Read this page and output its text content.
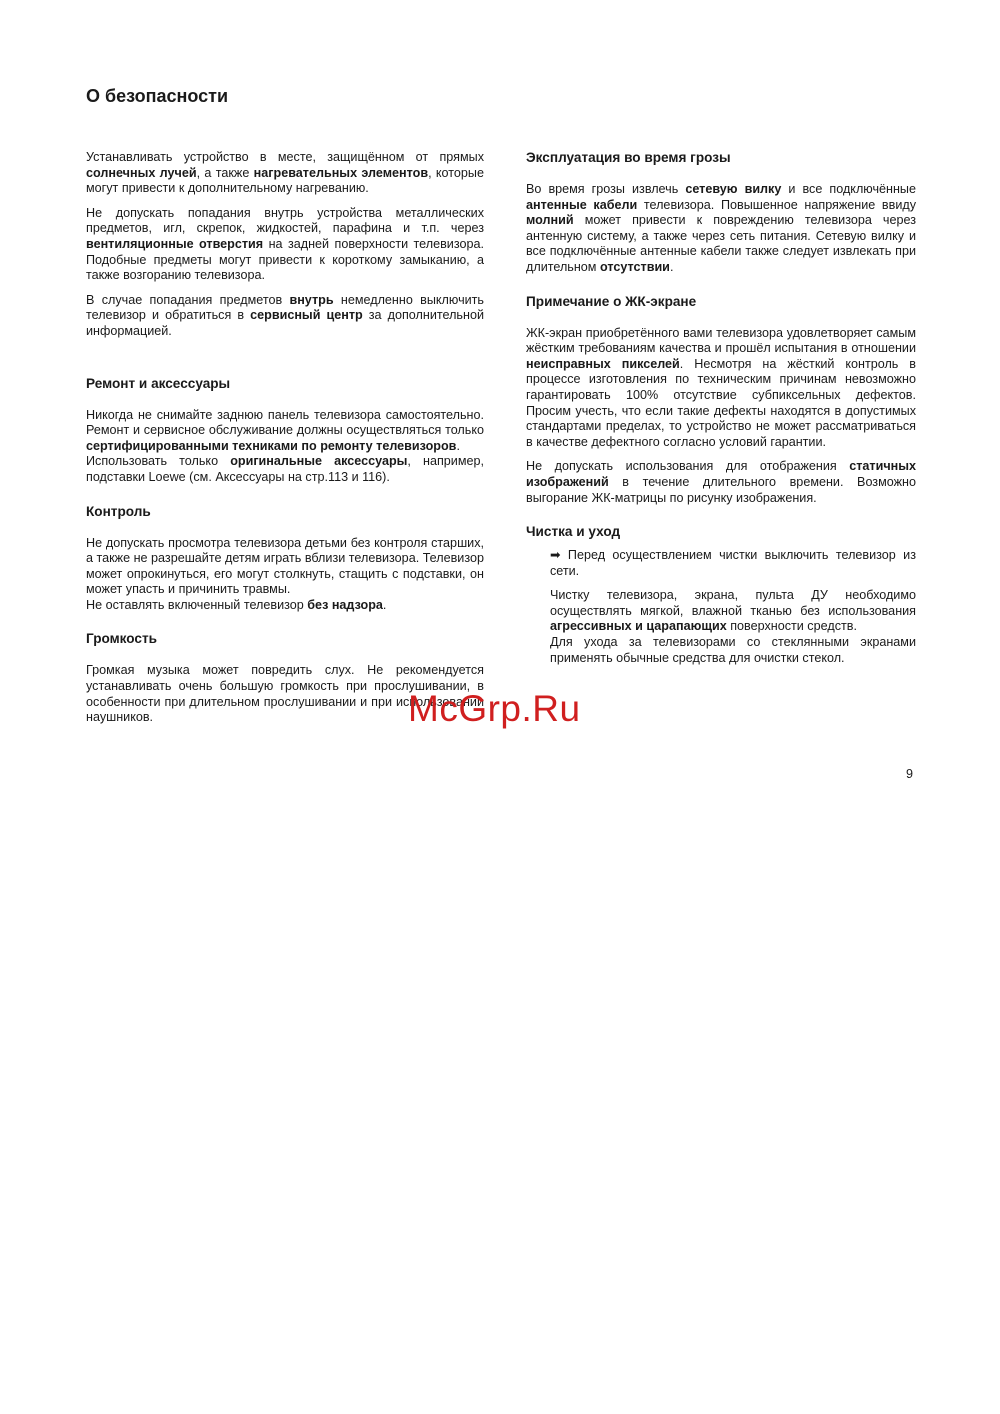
О безопасности

Устанавливать устройство в месте, защищённом от прямых солнечных лучей, а также нагревательных элементов, которые могут привести к дополнительному нагреванию.

Не допускать попадания внутрь устройства металлических предметов, игл, скрепок, жидкостей, парафина и т.п. через вентиляционные отверстия на задней поверхности телевизора. Подобные предметы могут привести к короткому замыканию, а также возгоранию телевизора.

В случае попадания предметов внутрь немедленно выключить телевизор и обратиться в сервисный центр за дополнительной информацией.

Ремонт и аксессуары

Никогда не снимайте заднюю панель телевизора самостоятельно. Ремонт и сервисное обслуживание должны осуществляться только сертифицированными техниками по ремонту телевизоров.

Использовать только оригинальные аксессуары, например, подставки Loewe (см. Аксессуары на стр.113 и 116).

Контроль

Не допускать просмотра телевизора детьми без контроля старших, а также не разрешайте детям играть вблизи телевизора. Телевизор может опрокинуться, его могут столкнуть, стащить с подставки, он может упасть и причинить травмы.

Не оставлять включенный телевизор без надзора.

Громкость

Громкая музыка может повредить слух. Не рекомендуется устанавливать очень большую громкость при прослушивании, в особенности при длительном прослушивании и при использовании наушников.

Эксплуатация во время грозы

Во время грозы извлечь сетевую вилку и все подключённые антенные кабели телевизора. Повышенное напряжение ввиду молний может привести к повреждению телевизора через антенную систему, а также через сеть питания. Сетевую вилку и все подключённые антенные кабели также следует извлекать при длительном отсутствии.

Примечание о ЖК-экране

ЖК-экран приобретённого вами телевизора удовлетворяет самым жёстким требованиям качества и прошёл испытания в отношении неисправных пикселей. Несмотря на жёсткий контроль в процессе изготовления по техническим причинам невозможно гарантировать 100% отсутствие субпиксельных дефектов. Просим учесть, что если такие дефекты находятся в допустимых стандартами пределах, то устройство не может рассматриваться в качестве дефектного согласно условий гарантии.

Не допускать использования для отображения статичных изображений в течение длительного времени. Возможно выгорание ЖК-матрицы по рисунку изображения.

Чистка и уход

➡ Перед осуществлением чистки выключить телевизор из сети.

Чистку телевизора, экрана, пульта ДУ необходимо осуществлять мягкой, влажной тканью без использования агрессивных и царапающих поверхности средств.

Для ухода за телевизорами со стеклянными экранами применять обычные средства для очистки стекол.

9
McGrp.Ru
